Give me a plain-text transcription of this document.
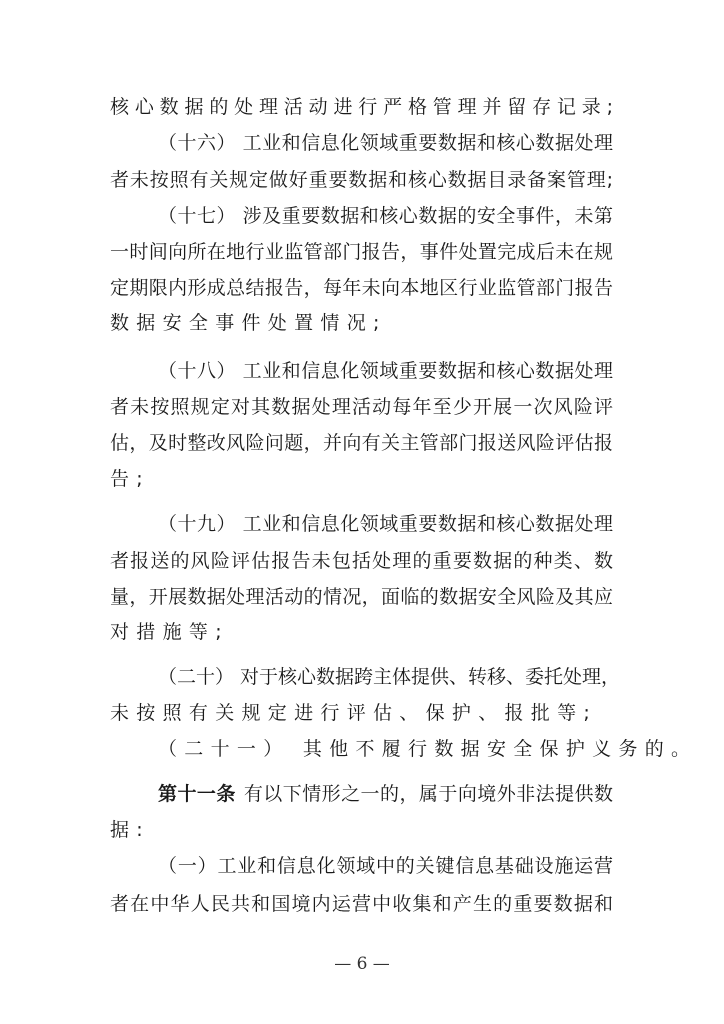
核心数据的处理活动进行严格管理并留存记录;
（十六） 工业和信息化领域重要数据和核心数据处理
者未按照有关规定做好重要数据和核心数据目录备案管理;
（十七） 涉及重要数据和核心数据的安全事件，未第
一时间向所在地行业监管部门报告，事件处置完成后未在规
定期限内形成总结报告，每年未向本地区行业监管部门报告
数据安全事件处置情况;
（十八） 工业和信息化领域重要数据和核心数据处理
者未按照规定对其数据处理活动每年至少开展一次风险评
估，及时整改风险问题，并向有关主管部门报送风险评估报
告;
（十九） 工业和信息化领域重要数据和核心数据处理
者报送的风险评估报告未包括处理的重要数据的种类、数
量，开展数据处理活动的情况，面临的数据安全风险及其应
对措施等;
（二十） 对于核心数据跨主体提供、转移、委托处理，
未按照有关规定进行评估、保护、报批等;
（二十一） 其他不履行数据安全保护义务的。
第十一条 有以下情形之一的，属于向境外非法提供数
据:
（一）工业和信息化领域中的关键信息基础设施运营
者在中华人民共和国境内运营中收集和产生的重要数据和
— 6 —
